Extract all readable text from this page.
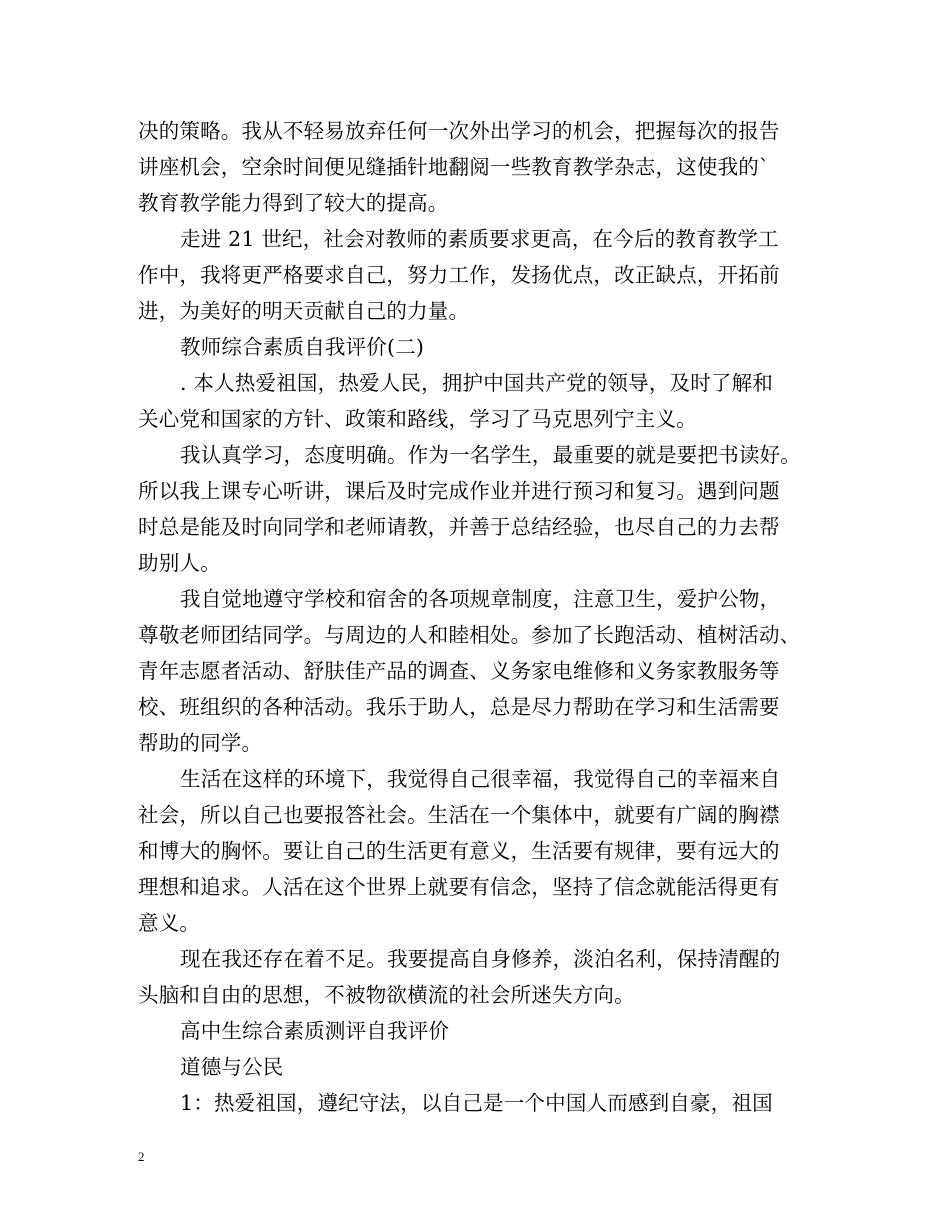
决的策略。我从不轻易放弃任何一次外出学习的机会，把握每次的报告
讲座机会，空余时间便见缝插针地翻阅一些教育教学杂志，这使我的`
教育教学能力得到了较大的提高。
走进 21 世纪，社会对教师的素质要求更高，在今后的教育教学工
作中，我将更严格要求自己，努力工作，发扬优点，改正缺点，开拓前
进，为美好的明天贡献自己的力量。
教师综合素质自我评价(二)
. 本人热爱祖国，热爱人民，拥护中国共产党的领导，及时了解和
关心党和国家的方针、政策和路线，学习了马克思列宁主义。
我认真学习，态度明确。作为一名学生，最重要的就是要把书读好。
所以我上课专心听讲，课后及时完成作业并进行预习和复习。遇到问题
时总是能及时向同学和老师请教，并善于总结经验，也尽自己的力去帮
助别人。
我自觉地遵守学校和宿舍的各项规章制度，注意卫生，爱护公物，
尊敬老师团结同学。与周边的人和睦相处。参加了长跑活动、植树活动、
青年志愿者活动、舒肤佳产品的调查、义务家电维修和义务家教服务等
校、班组织的各种活动。我乐于助人，总是尽力帮助在学习和生活需要
帮助的同学。
生活在这样的环境下，我觉得自己很幸福，我觉得自己的幸福来自
社会，所以自己也要报答社会。生活在一个集体中，就要有广阔的胸襟
和博大的胸怀。要让自己的生活更有意义，生活要有规律，要有远大的
理想和追求。人活在这个世界上就要有信念，坚持了信念就能活得更有
意义。
现在我还存在着不足。我要提高自身修养，淡泊名利，保持清醒的
头脑和自由的思想，不被物欲横流的社会所迷失方向。
高中生综合素质测评自我评价
道德与公民
1：热爱祖国，遵纪守法，以自己是一个中国人而感到自豪，祖国
2
